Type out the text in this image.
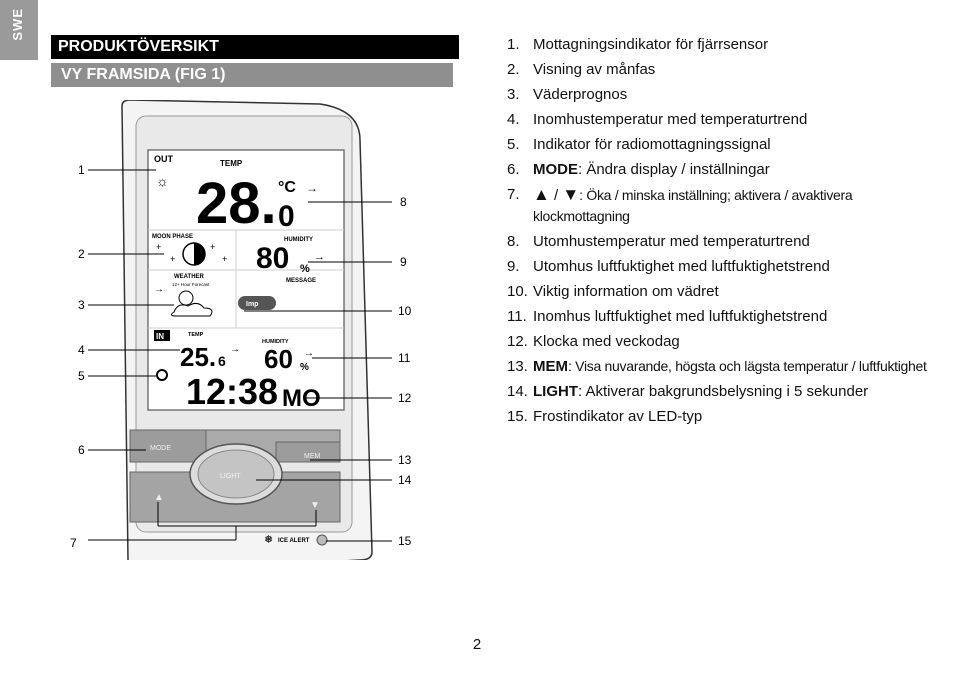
SWE
PRODUKTÖVERSIKT
VY FRAMSIDA (FIG 1)
OUT	TEMP
☼ 28. 0
°C →
MOON PHASE
+
+
+
+
HUMIDITY
80 %
→
WEATHER
12+ Hour Forecast
→
MESSAGE
Imp
IN	TEMP
25. 6
→
HUMIDITY
60 %
→
12:38 MO
MODE
MEM
LIGHT
▲
▼
❅ ICE ALERT
1
2
3
4
5
6
7
8
9
10
11
12
13
14
15
1. Mottagningsindikator för fjärrsensor
2. Visning av månfas
3. Väderprognos
4. Inomhustemperatur med temperaturtrend
5. Indikator för radiomottagningssignal
6. MODE: Ändra display / inställningar
7. ▲ / ▼: Öka / minska inställning; aktivera / avaktivera klockmottagning
8. Utomhustemperatur med temperaturtrend
9. Utomhus luftfuktighet med luftfuktighetstrend
10. Viktig information om vädret
11. Inomhus luftfuktighet med luftfuktighetstrend
12. Klocka med veckodag
13. MEM: Visa nuvarande, högsta och lägsta temperatur / luftfuktighet
14. LIGHT: Aktiverar bakgrundsbelysning i 5 sekunder
15. Frostindikator av LED-typ
2
